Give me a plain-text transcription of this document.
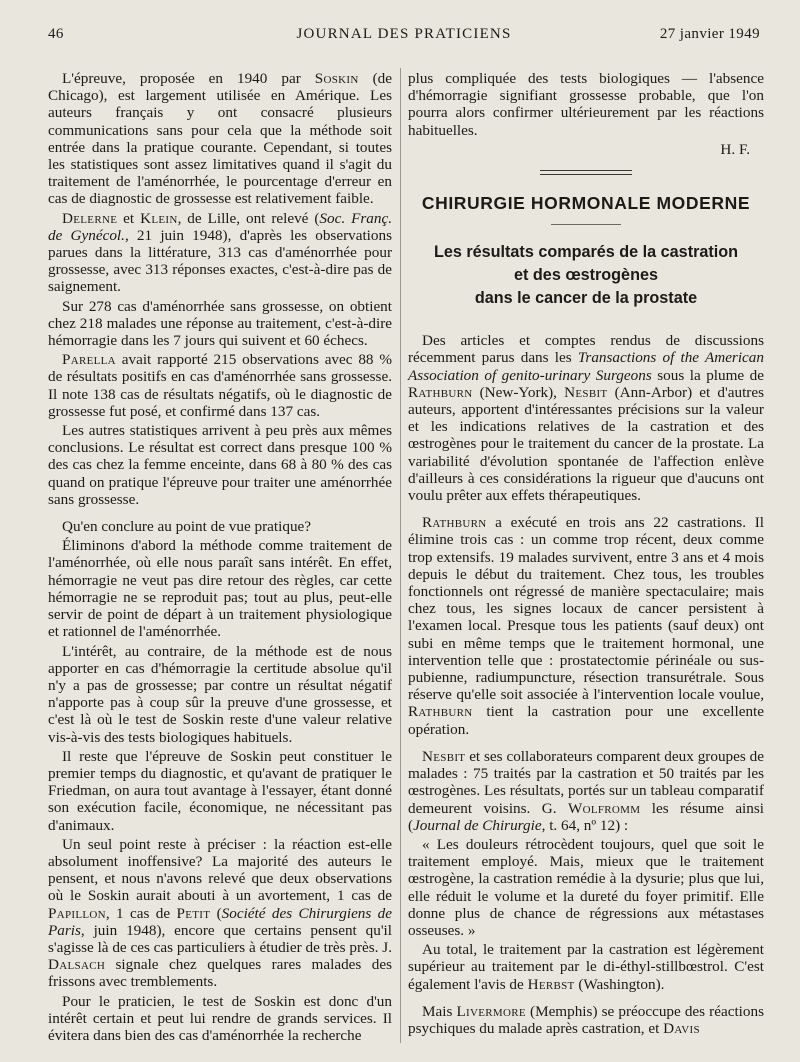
46	JOURNAL DES PRATICIENS	27 janvier 1949

L'épreuve, proposée en 1940 par Soskin (de Chicago), est largement utilisée en Amérique. Les auteurs français y ont consacré plusieurs communications sans pour cela que la méthode soit entrée dans la pratique courante. Cependant, si toutes les statistiques sont assez limitatives quand il s'agit du traitement de l'aménorrhée, le pourcentage d'erreur en cas de diagnostic de grossesse est relativement faible.

Delerne et Klein, de Lille, ont relevé (Soc. Franç. de Gynécol., 21 juin 1948), d'après les observations parues dans la littérature, 313 cas d'aménorrhée pour grossesse, avec 313 réponses exactes, c'est-à-dire pas de saignement.

Sur 278 cas d'aménorrhée sans grossesse, on obtient chez 218 malades une réponse au traitement, c'est-à-dire hémorragie dans les 7 jours qui suivent et 60 échecs.

Parella avait rapporté 215 observations avec 88 % de résultats positifs en cas d'aménorrhée sans grossesse. Il note 138 cas de résultats négatifs, où le diagnostic de grossesse fut posé, et confirmé dans 137 cas.

Les autres statistiques arrivent à peu près aux mêmes conclusions. Le résultat est correct dans presque 100 % des cas chez la femme enceinte, dans 68 à 80 % des cas quand on pratique l'épreuve pour traiter une aménorrhée sans grossesse.

Qu'en conclure au point de vue pratique?

Éliminons d'abord la méthode comme traitement de l'aménorrhée, où elle nous paraît sans intérêt. En effet, hémorragie ne veut pas dire retour des règles, car cette hémorragie ne se reproduit pas; tout au plus, peut-elle servir de point de départ à un traitement physiologique et rationnel de l'aménorrhée.

L'intérêt, au contraire, de la méthode est de nous apporter en cas d'hémorragie la certitude absolue qu'il n'y a pas de grossesse; par contre un résultat négatif n'apporte pas à coup sûr la preuve d'une grossesse, et c'est là où le test de Soskin reste d'une valeur relative vis-à-vis des tests biologiques habituels.

Il reste que l'épreuve de Soskin peut constituer le premier temps du diagnostic, et qu'avant de pratiquer le Friedman, on aura tout avantage à l'essayer, étant donné son exécution facile, économique, ne nécessitant pas d'animaux.

Un seul point reste à préciser : la réaction est-elle absolument inoffensive? La majorité des auteurs le pensent, et nous n'avons relevé que deux observations où le Soskin aurait abouti à un avortement, 1 cas de Papillon, 1 cas de Petit (Société des Chirurgiens de Paris, juin 1948), encore que certains pensent qu'il s'agisse là de ces cas particuliers à étudier de très près. J. Dalsach signale chez quelques rares malades des frissons avec tremblements.

Pour le praticien, le test de Soskin est donc d'un intérêt certain et peut lui rendre de grands services. Il évitera dans bien des cas d'aménorrhée la recherche

plus compliquée des tests biologiques — l'absence d'hémorragie signifiant grossesse probable, que l'on pourra alors confirmer ultérieurement par les réactions habituelles.

H. F.

CHIRURGIE HORMONALE MODERNE
Les résultats comparés de la castration
et des œstrogènes
dans le cancer de la prostate

Des articles et comptes rendus de discussions récemment parus dans les Transactions of the American Association of genito-urinary Surgeons sous la plume de Rathburn (New-York), Nesbit (Ann-Arbor) et d'autres auteurs, apportent d'intéressantes précisions sur la valeur et les indications relatives de la castration et des œstrogènes pour le traitement du cancer de la prostate. La variabilité d'évolution spontanée de l'affection enlève d'ailleurs à ces considérations la rigueur que d'aucuns ont voulu prêter aux effets thérapeutiques.

Rathburn a exécuté en trois ans 22 castrations. Il élimine trois cas : un comme trop récent, deux comme trop extensifs. 19 malades survivent, entre 3 ans et 4 mois depuis le début du traitement. Chez tous, les troubles fonctionnels ont régressé de manière spectaculaire; mais chez tous, les signes locaux de cancer persistent à l'examen local. Presque tous les patients (sauf deux) ont subi en même temps que le traitement hormonal, une intervention telle que : prostatectomie périnéale ou sus-pubienne, radiumpuncture, résection transurétrale. Sous réserve qu'elle soit associée à l'intervention locale voulue, Rathburn tient la castration pour une excellente opération.

Nesbit et ses collaborateurs comparent deux groupes de malades : 75 traités par la castration et 50 traités par les œstrogènes. Les résultats, portés sur un tableau comparatif demeurent voisins. G. Wolfromm les résume ainsi (Journal de Chirurgie, t. 64, nº 12) :

« Les douleurs rétrocèdent toujours, quel que soit le traitement employé. Mais, mieux que le traitement œstrogène, la castration remédie à la dysurie; plus que lui, elle réduit le volume et la dureté du foyer primitif. Elle donne plus de chance de régressions aux métastases osseuses. »

Au total, le traitement par la castration est légèrement supérieur au traitement par le di-éthyl-stillbœstrol. C'est également l'avis de Herbst (Washington).

Mais Livermore (Memphis) se préoccupe des réactions psychiques du malade après castration, et Davis
